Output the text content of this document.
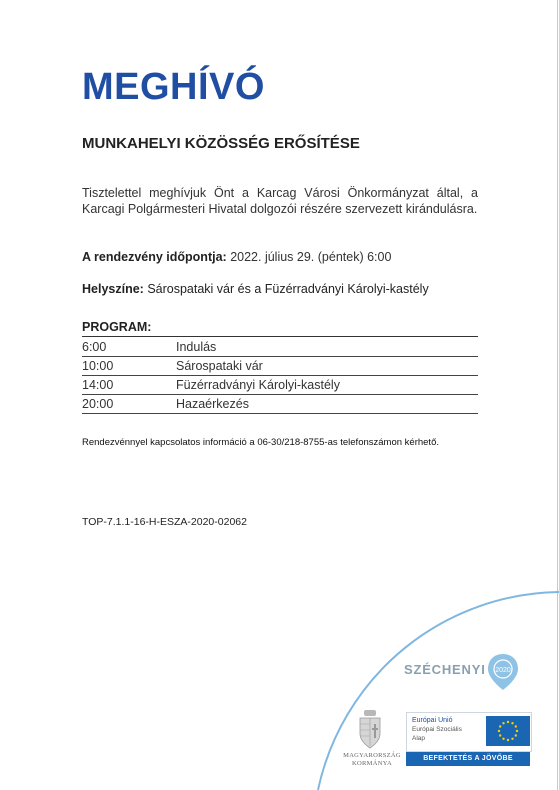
MEGHÍVÓ
MUNKAHELYI KÖZÖSSÉG ERŐSÍTÉSE
Tisztelettel meghívjuk Önt a Karcag Városi Önkormányzat által, a Karcagi Polgármesteri Hivatal dolgozói részére szervezett kirándulásra.
A rendezvény időpontja: 2022. július 29. (péntek) 6:00
Helyszíne: Sárospataki vár és a Füzérradványi Károlyi-kastély
PROGRAM:
6:00	Indulás
10:00	Sárospataki vár
14:00	Füzérradványi Károlyi-kastély
20:00	Hazaérkezés
Rendezvénnyel kapcsolatos információ a 06-30/218-8755-as telefonszámon kérhető.
TOP-7.1.1-16-H-ESZA-2020-02062
SZÉCHENYI 2020
MAGYARORSZÁG
KORMÁNYA
Európai Unió
Európai Szociális
Alap
BEFEKTETÉS A JÖVŐBE
